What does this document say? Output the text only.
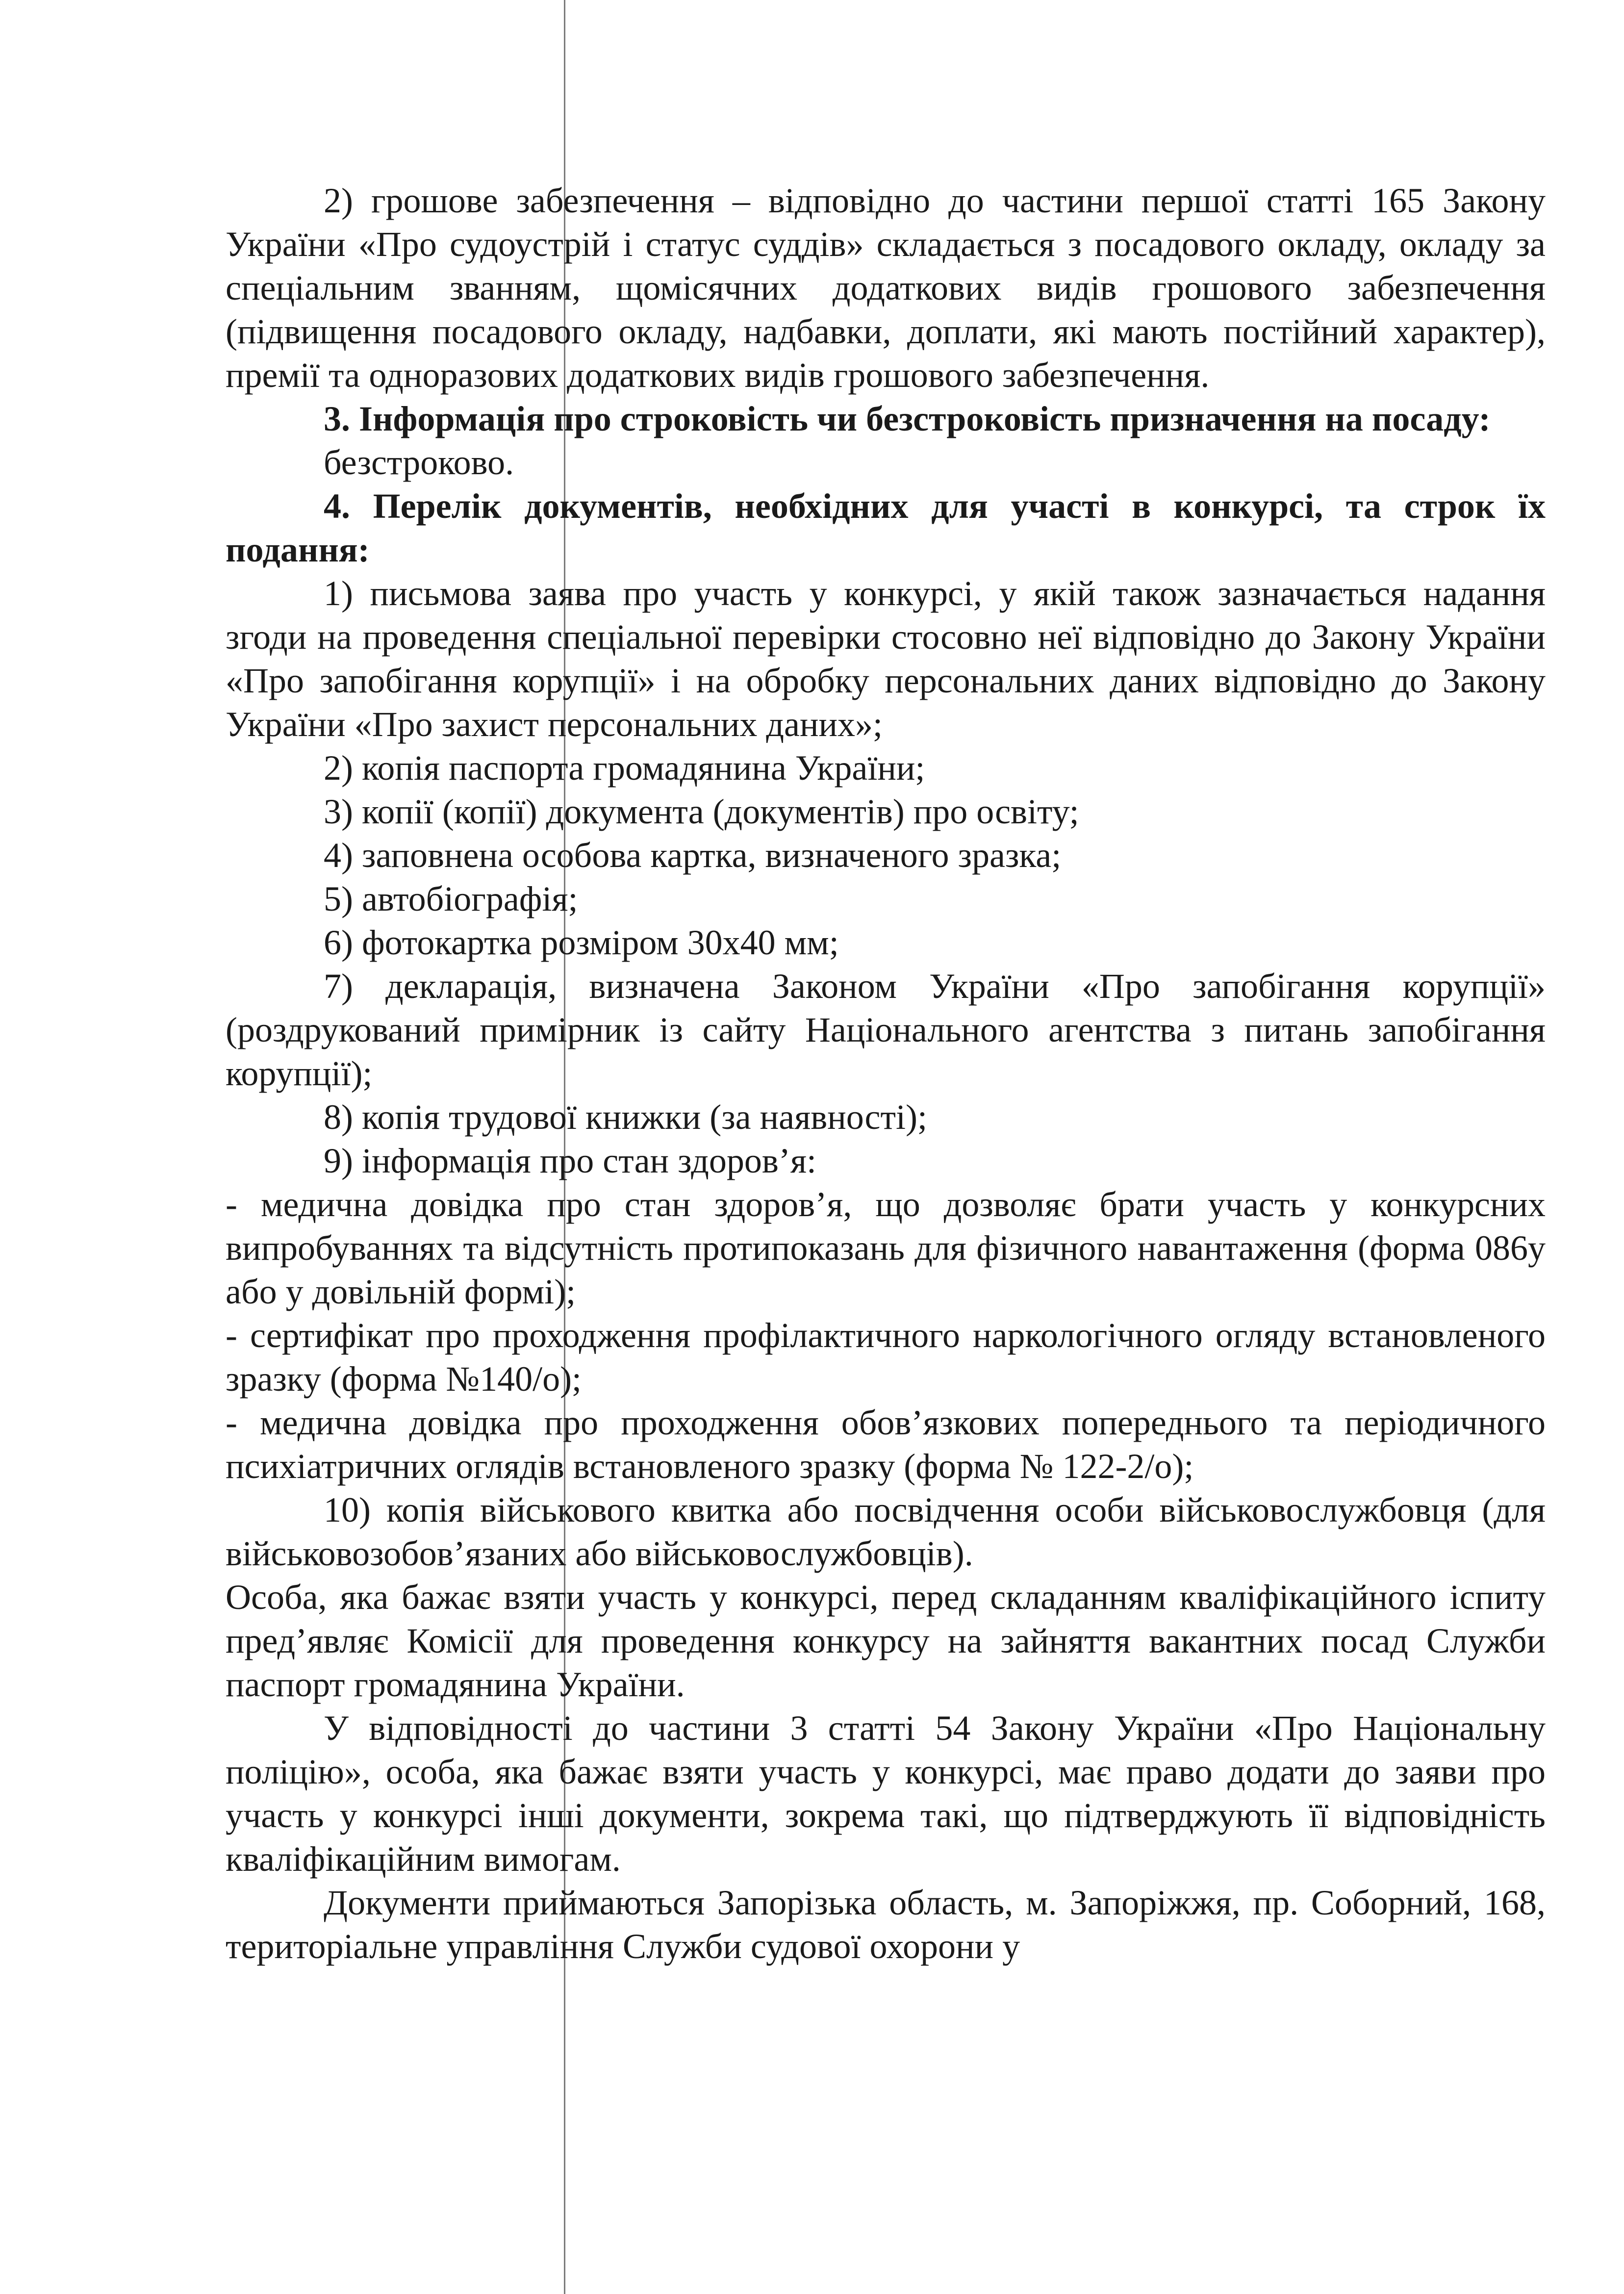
2) грошове забезпечення – відповідно до частини першої статті 165 Закону України «Про судоустрій і статус суддів» складається з посадового окладу, окладу за спеціальним званням, щомісячних додаткових видів грошового забезпечення (підвищення посадового окладу, надбавки, доплати, які мають постійний характер), премії та одноразових додаткових видів грошового забезпечення.

3. Інформація про строковість чи безстроковість призначення на посаду:

безстроково.

4. Перелік документів, необхідних для участі в конкурсі, та строк їх подання:

1) письмова заява про участь у конкурсі, у якій також зазначається надання згоди на проведення спеціальної перевірки стосовно неї відповідно до Закону України «Про запобігання корупції» і на обробку персональних даних відповідно до Закону України «Про захист персональних даних»;

2) копія паспорта громадянина України;

3) копії (копії) документа (документів) про освіту;

4) заповнена особова картка, визначеного зразка;

5) автобіографія;

6) фотокартка розміром 30х40 мм;

7) декларація, визначена Законом України «Про запобігання корупції» (роздрукований примірник із сайту Національного агентства з питань запобігання корупції);

8) копія трудової книжки (за наявності);

9) інформація про стан здоров’я:

- медична довідка про стан здоров’я, що дозволяє брати участь у конкурсних випробуваннях та відсутність протипоказань для фізичного навантаження (форма 086у або у довільній формі);

- сертифікат про проходження профілактичного наркологічного огляду встановленого зразку (форма №140/о);

- медична довідка про проходження обов’язкових попереднього та періодичного психіатричних оглядів встановленого зразку (форма № 122-2/о);

10) копія військового квитка або посвідчення особи військовослужбовця (для військовозобов’язаних або військовослужбовців).

Особа, яка бажає взяти участь у конкурсі, перед складанням кваліфікаційного іспиту пред’являє Комісії для проведення конкурсу на зайняття вакантних посад Служби паспорт громадянина України.

У відповідності до частини 3 статті 54 Закону України «Про Національну поліцію», особа, яка бажає взяти участь у конкурсі, має право додати до заяви про участь у конкурсі інші документи, зокрема такі, що підтверджують її відповідність кваліфікаційним вимогам.

Документи приймаються Запорізька область, м. Запоріжжя, пр. Соборний, 168, територіальне управління Служби судової охорони у
